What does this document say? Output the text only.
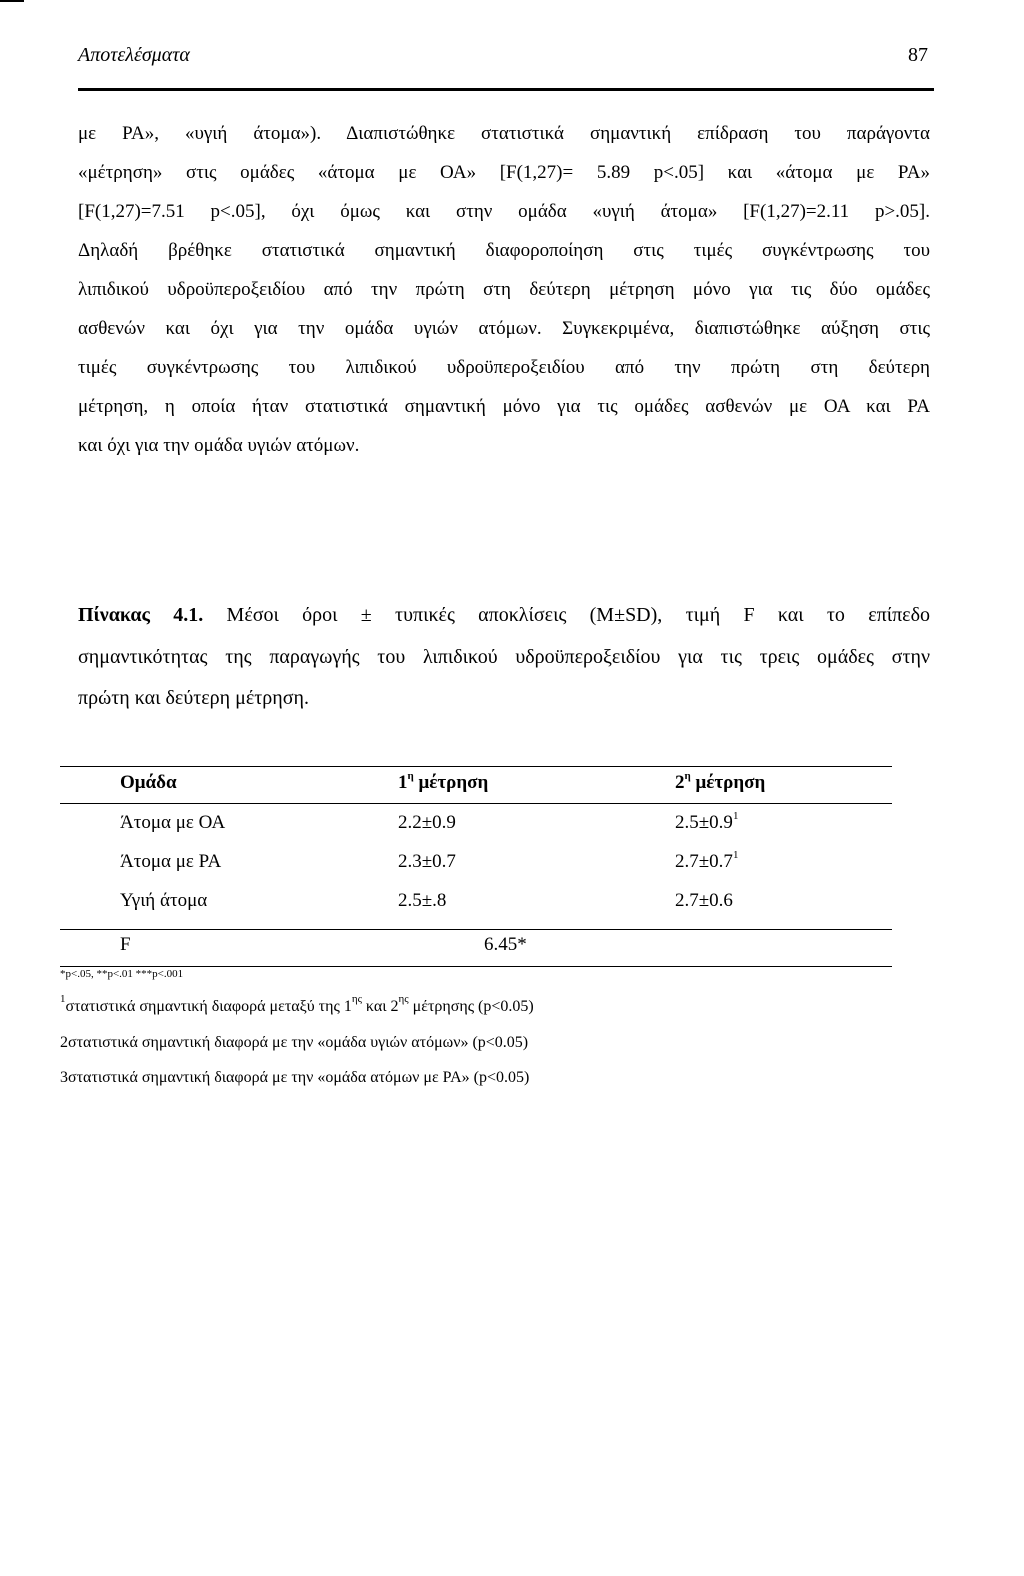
Αποτελέσματα	87
με ΡΑ», «υγιή άτομα»). Διαπιστώθηκε στατιστικά σημαντική επίδραση του παράγοντα
«μέτρηση» στις ομάδες «άτομα με ΟΑ» [F(1,27)= 5.89 p<.05] και «άτομα με ΡΑ»
[F(1,27)=7.51 p<.05], όχι όμως και στην ομάδα «υγιή άτομα» [F(1,27)=2.11 p>.05].
Δηλαδή βρέθηκε στατιστικά σημαντική διαφοροποίηση στις τιμές συγκέντρωσης του
λιπιδικού υδροϋπεροξειδίου από την πρώτη στη δεύτερη μέτρηση μόνο για τις δύο ομάδες
ασθενών και όχι για την ομάδα υγιών ατόμων. Συγκεκριμένα, διαπιστώθηκε αύξηση στις
τιμές συγκέντρωσης του λιπιδικού υδροϋπεροξειδίου από την πρώτη στη δεύτερη
μέτρηση, η οποία ήταν στατιστικά σημαντική μόνο για τις ομάδες ασθενών με ΟΑ και ΡΑ
και όχι για την ομάδα υγιών ατόμων.
Πίνακας 4.1. Μέσοι όροι ± τυπικές αποκλίσεις (M±SD), τιμή F και το επίπεδο
σημαντικότητας της παραγωγής του λιπιδικού υδροϋπεροξειδίου για τις τρεις ομάδες στην
πρώτη και δεύτερη μέτρηση.
Ομάδα	$1^\eta$ μέτρηση	$2^\eta$ μέτρηση
Άτομα με ΟΑ	2.2±0.9	$2.5\pm 0.9^1$
Άτομα με ΡΑ	2.3±0.7	$2.7\pm 0.7^1$
Υγιή άτομα	2.5±.8	2.7±0.6
F	6.45*
*p<.05, **p<.01 ***p<.001
$^1$στατιστικά σημαντική διαφορά μεταξύ της $1^{\eta\varsigma}$ και $2^{\eta\varsigma}$ μέτρησης (p<0.05)
2στατιστικά σημαντική διαφορά με την «ομάδα υγιών ατόμων» (p<0.05)
3στατιστικά σημαντική διαφορά με την «ομάδα ατόμων με ΡΑ» (p<0.05)
